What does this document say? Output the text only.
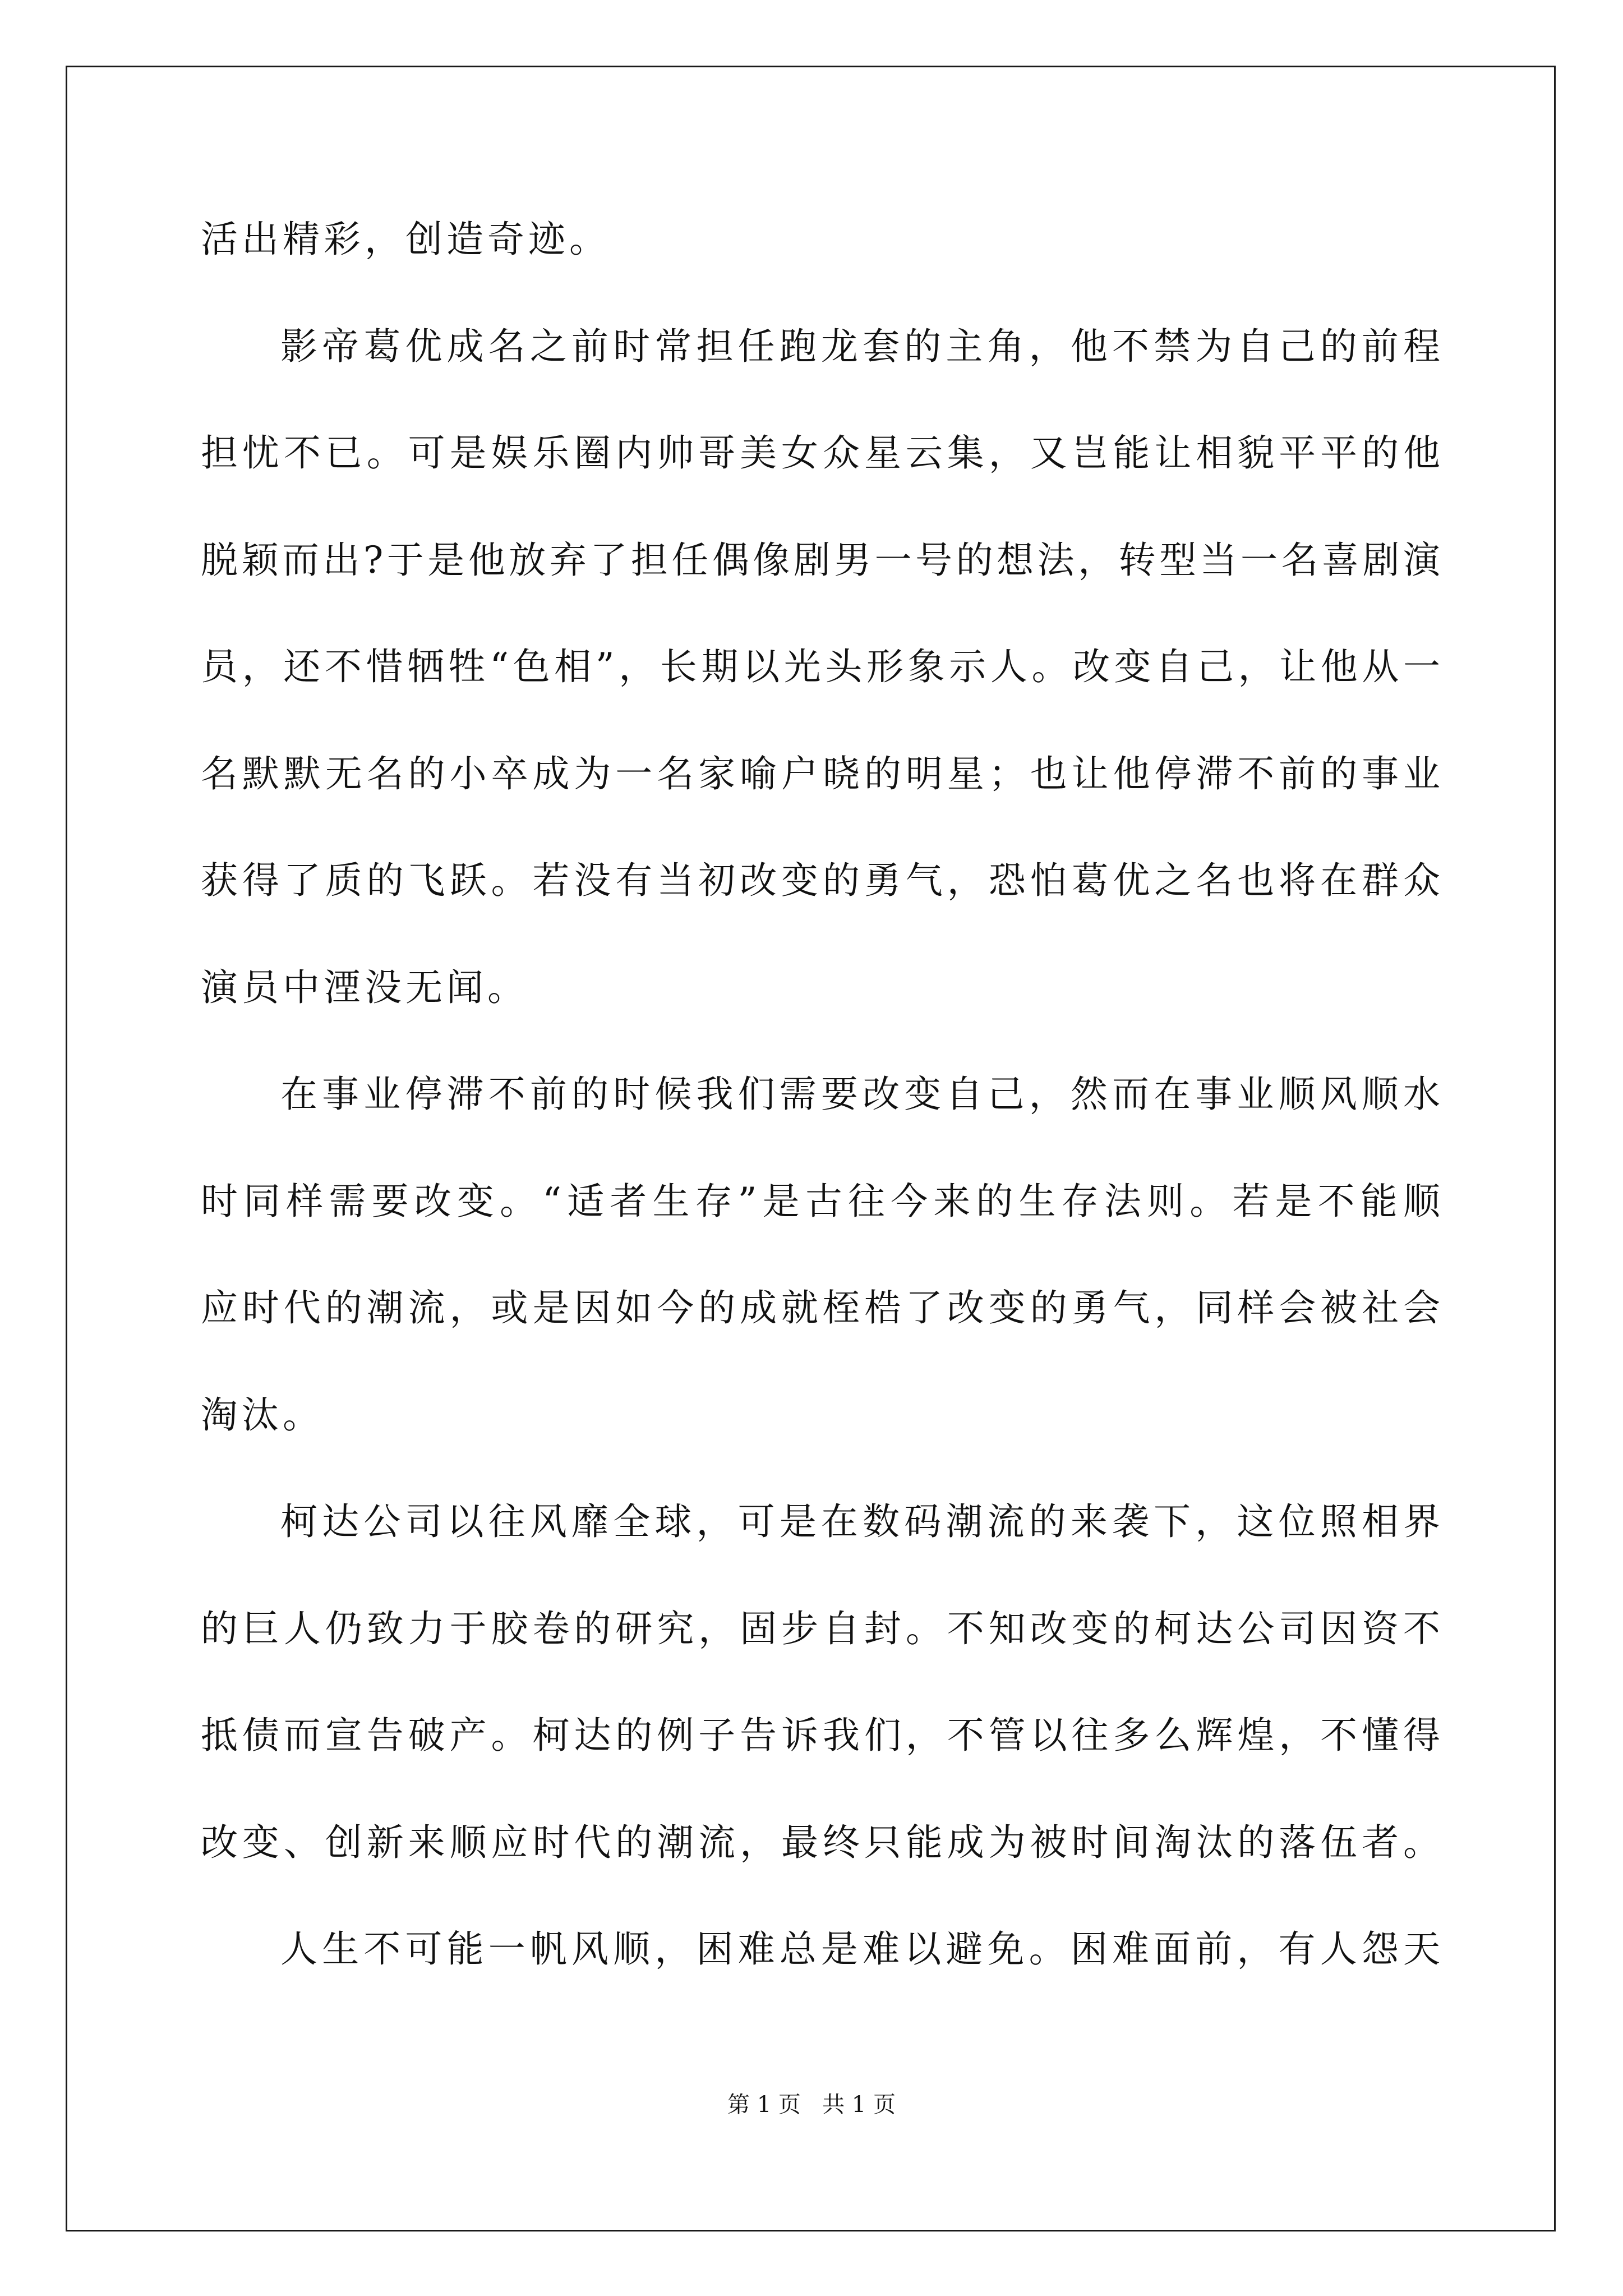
活出精彩，创造奇迹。
影帝葛优成名之前时常担任跑龙套的主角，他不禁为自己的前程
担忧不已。可是娱乐圈内帅哥美女众星云集，又岂能让相貌平平的他
脱颖而出?于是他放弃了担任偶像剧男一号的想法，转型当一名喜剧演
员，还不惜牺牲“色相”，长期以光头形象示人。改变自己，让他从一
名默默无名的小卒成为一名家喻户晓的明星；也让他停滞不前的事业
获得了质的飞跃。若没有当初改变的勇气，恐怕葛优之名也将在群众
演员中湮没无闻。
在事业停滞不前的时候我们需要改变自己，然而在事业顺风顺水
时同样需要改变。“适者生存”是古往今来的生存法则。若是不能顺
应时代的潮流，或是因如今的成就桎梏了改变的勇气，同样会被社会
淘汰。
柯达公司以往风靡全球，可是在数码潮流的来袭下，这位照相界
的巨人仍致力于胶卷的研究，固步自封。不知改变的柯达公司因资不
抵债而宣告破产。柯达的例子告诉我们，不管以往多么辉煌，不懂得
改变、创新来顺应时代的潮流，最终只能成为被时间淘汰的落伍者。
人生不可能一帆风顺，困难总是难以避免。困难面前，有人怨天
第 1 页   共 1 页
